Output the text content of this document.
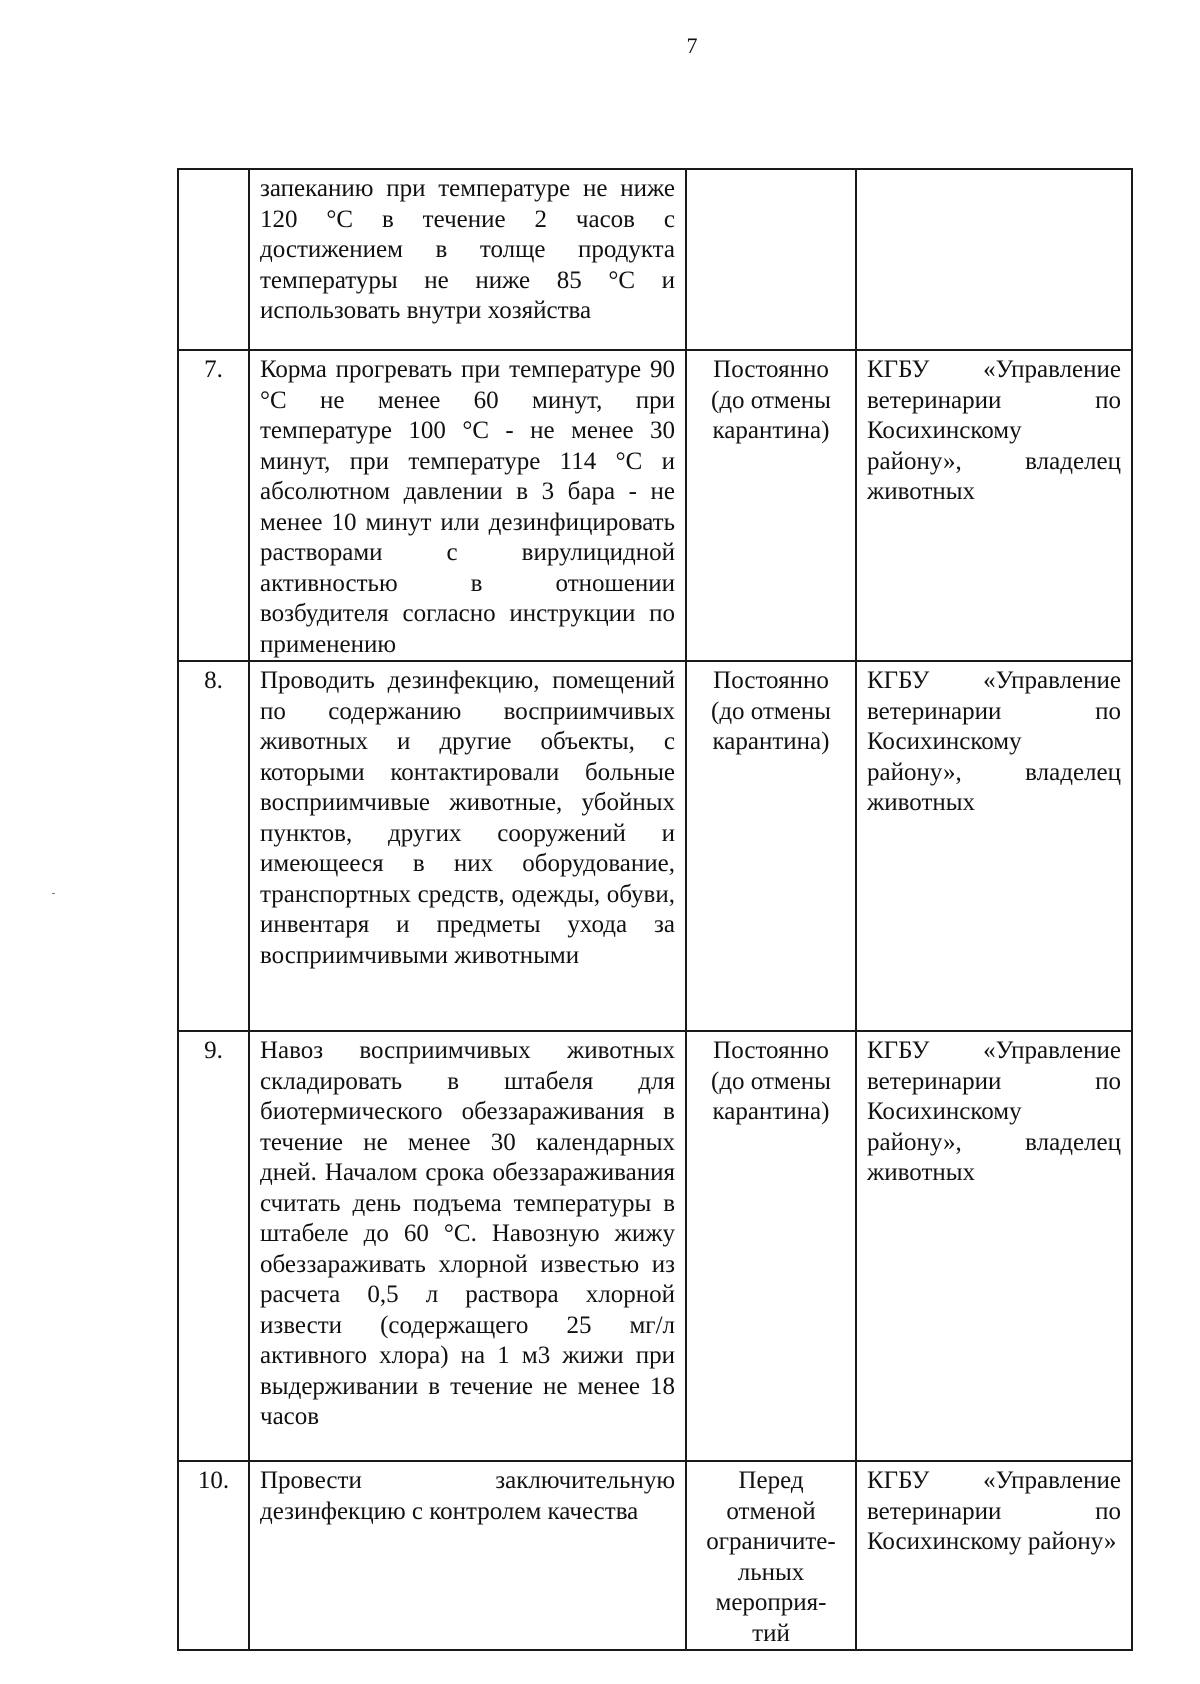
7
	запеканию при температуре не ниже 120 °С в течение 2 часов с достижением в толще продукта температуры не ниже 85 °С и использовать внутри хозяйства		
7.	Корма прогревать при температуре 90 °С не менее 60 минут, при температуре 100 °С - не менее 30 минут, при температуре 114 °С и абсолютном давлении в 3 бара - не менее 10 минут или дезинфицировать растворами с вирулицидной активностью в отношении возбудителя согласно инструкции по применению	Постоянно (до отмены карантина)	КГБУ «Управление ветеринарии по Косихинскому району», владелец животных
8.	Проводить дезинфекцию, помещений по содержанию восприимчивых животных и другие объекты, с которыми контактировали больные восприимчивые животные, убойных пунктов, других сооружений и имеющееся в них оборудование, транспортных средств, одежды, обуви, инвентаря и предметы ухода за восприимчивыми животными	Постоянно (до отмены карантина)	КГБУ «Управление ветеринарии по Косихинскому району», владелец животных
9.	Навоз восприимчивых животных складировать в штабеля для биотермического обеззараживания в течение не менее 30 календарных дней. Началом срока обеззараживания считать день подъема температуры в штабеле до 60 °С. Навозную жижу обеззараживать хлорной известью из расчета 0,5 л раствора хлорной извести (содержащего 25 мг/л активного хлора) на 1 м3 жижи при выдерживании в течение не менее 18 часов	Постоянно (до отмены карантина)	КГБУ «Управление ветеринарии по Косихинскому району», владелец животных
10.	Провести заключительную дезинфекцию с контролем качества	Перед отменой ограничите-льных мероприя-тий	КГБУ «Управление ветеринарии по Косихинскому району»
